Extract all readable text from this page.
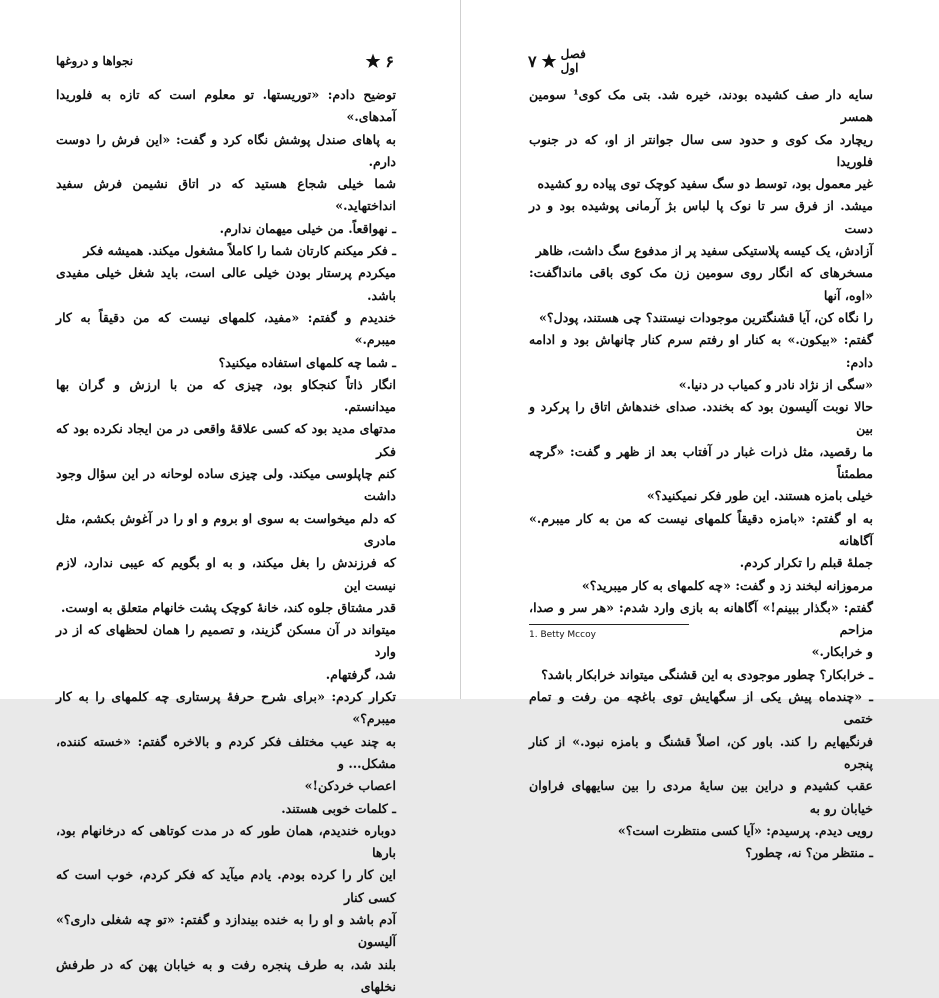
نجواها و دروغها	۶

توضیح دادم: «توریستها. تو معلوم است که تازه به فلوریدا آمدهای.»

به پاهای صندل پوشش نگاه کرد و گفت: «این فرش را دوست دارم.

شما خیلی شجاع هستید که در اتاق نشیمن فرش سفید انداختهاید.»

ـ نهواقعاً. من خیلی میهمان ندارم.

ـ فکر میکنم کارتان شما را کاملاً مشغول میکند. همیشه فکر

میکردم پرستار بودن خیلی عالی است، باید شغل خیلی مفیدی باشد.

خندیدم و گفتم: «مفید، کلمهای نیست که من دقیقاً به کار میبرم.»

ـ شما چه کلمهای استفاده میکنید؟

انگار ذاتاً کنجکاو بود، چیزی که من با ارزش و گران بها میدانستم.

مدتهای مدید بود که کسی علاقهٔ واقعی در من ایجاد نکرده بود که فکر

کنم چاپلوسی میکند. ولی چیزی ساده لوحانه در این سؤال وجود داشت

که دلم میخواست به سوی او بروم و او را در آغوش بکشم، مثل مادری

که فرزندش را بغل میکند، و به او بگویم که عیبی ندارد، لازم نیست این

قدر مشتاق جلوه کند، خانهٔ کوچک پشت خانهام متعلق به اوست.

میتواند در آن مسکن گزیند، و تصمیم را همان لحظهای که از در وارد

شد، گرفتهام.

تکرار کردم: «برای شرح حرفهٔ پرستاری چه کلمهای را به کار میبرم؟»

به چند عیب مختلف فکر کردم و بالاخره گفتم: «خسته کننده، مشکل... و

اعصاب خردکن!»

ـ کلمات خوبی هستند.

دوباره خندیدم، همان طور که در مدت کوتاهی که درخانهام بود، بارها

این کار را کرده بودم. یادم میآید که فکر کردم، خوب است که کسی کنار

آدم باشد و او را به خنده بیندازد و گفتم: «تو چه شغلی داری؟» آلیسون

بلند شد، به طرف پنجره رفت و به خیابان پهن که در طرفش نخلهای

۷ فصل اول

سایه دار صف کشیده بودند، خیره شد. بتی مک کوی¹ سومین همسر

ریچارد مک کوی و حدود سی سال جوانتر از او، که در جنوب فلوریدا

غیر معمول بود، توسط دو سگ سفید کوچک توی پیاده رو کشیده

میشد. از فرق سر تا نوک پا لباس بژ آرمانی پوشیده بود و در دست

آزادش، یک کیسه پلاستیکی سفید پر از مدفوع سگ داشت، ظاهر

مسخرهای که انگار روی سومین زن مک کوی باقی مانداگفت: «اوه، آنها

را نگاه کن، آیا قشنگترین موجودات نیستند؟ چی هستند، پودل؟»

گفتم: «بیکون.» به کنار او رفتم سرم کنار چانهاش بود و ادامه دادم:

«سگی از نژاد نادر و کمیاب در دنیا.»

حالا نوبت آلیسون بود که بخندد. صدای خندهاش اتاق را پرکرد و بین

ما رقصید، مثل ذرات غبار در آفتاب بعد از ظهر و گفت: «گرچه مطمئناً

خیلی بامزه هستند. این طور فکر نمیکنید؟»

به او گفتم: «بامزه دقیقاً کلمهای نیست که من به کار میبرم.» آگاهانه

جملهٔ قبلم را تکرار کردم.

مرموزانه لبخند زد و گفت: «چه کلمهای به کار میبرید؟»

گفتم: «بگذار ببینم!» آگاهانه به بازی وارد شدم: «هر سر و صدا، مزاحم

و خرابکار.»

ـ خرابکار؟ چطور موجودی به این قشنگی میتواند خرابکار باشد؟

ـ «چندماه پیش یکی از سگهایش توی باغچه من رفت و تمام ختمی

فرنگیهایم را کند. باور کن، اصلاً قشنگ و بامزه نبود.» از کنار پنجره

عقب کشیدم و دراین بین سایهٔ مردی را بین سایههای فراوان خیابان رو به

رویی دیدم. پرسیدم: «آیا کسی منتظرت است؟»

ـ منتظر من؟ نه، چطور؟

1. Betty Mccoy
